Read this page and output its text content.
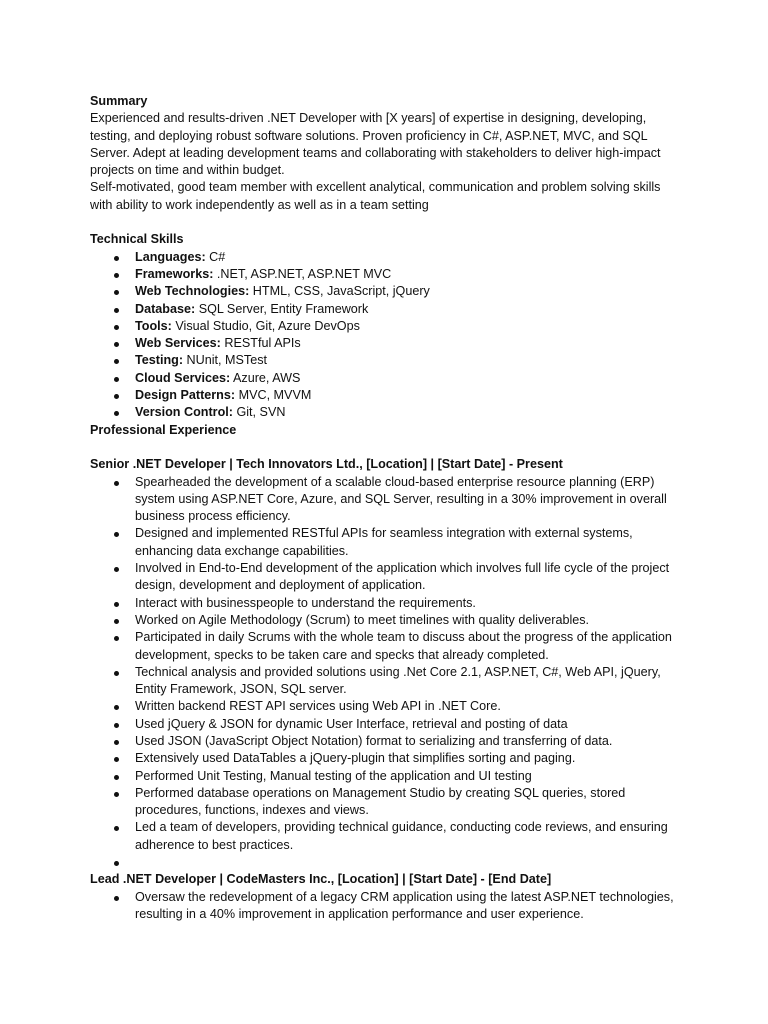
Summary

Experienced and results-driven .NET Developer with [X years] of expertise in designing, developing, testing, and deploying robust software solutions. Proven proficiency in C#, ASP.NET, MVC, and SQL Server. Adept at leading development teams and collaborating with stakeholders to deliver high-impact projects on time and within budget.

Self-motivated, good team member with excellent analytical, communication and problem solving skills with ability to work independently as well as in a team setting

Technical Skills
Languages: C#
Frameworks: .NET, ASP.NET, ASP.NET MVC
Web Technologies: HTML, CSS, JavaScript, jQuery
Database: SQL Server, Entity Framework
Tools: Visual Studio, Git, Azure DevOps
Web Services: RESTful APIs
Testing: NUnit, MSTest
Cloud Services: Azure, AWS
Design Patterns: MVC, MVVM
Version Control: Git, SVN
Professional Experience
Senior .NET Developer | Tech Innovators Ltd., [Location] | [Start Date] - Present
Spearheaded the development of a scalable cloud-based enterprise resource planning (ERP) system using ASP.NET Core, Azure, and SQL Server, resulting in a 30% improvement in overall business process efficiency.
Designed and implemented RESTful APIs for seamless integration with external systems, enhancing data exchange capabilities.
Involved in End-to-End development of the application which involves full life cycle of the project design, development and deployment of application.
Interact with businesspeople to understand the requirements.
Worked on Agile Methodology (Scrum) to meet timelines with quality deliverables.
Participated in daily Scrums with the whole team to discuss about the progress of the application development, specks to be taken care and specks that already completed.
Technical analysis and provided solutions using .Net Core 2.1, ASP.NET, C#, Web API, jQuery, Entity Framework, JSON, SQL server.
Written backend REST API services using Web API in .NET Core.
Used jQuery & JSON for dynamic User Interface, retrieval and posting of data
Used JSON (JavaScript Object Notation) format to serializing and transferring of data.
Extensively used DataTables a jQuery-plugin that simplifies sorting and paging.
Performed Unit Testing, Manual testing of the application and UI testing
Performed database operations on Management Studio by creating SQL queries, stored procedures, functions, indexes and views.
Led a team of developers, providing technical guidance, conducting code reviews, and ensuring adherence to best practices.
Lead .NET Developer | CodeMasters Inc., [Location] | [Start Date] - [End Date]
Oversaw the redevelopment of a legacy CRM application using the latest ASP.NET technologies, resulting in a 40% improvement in application performance and user experience.
